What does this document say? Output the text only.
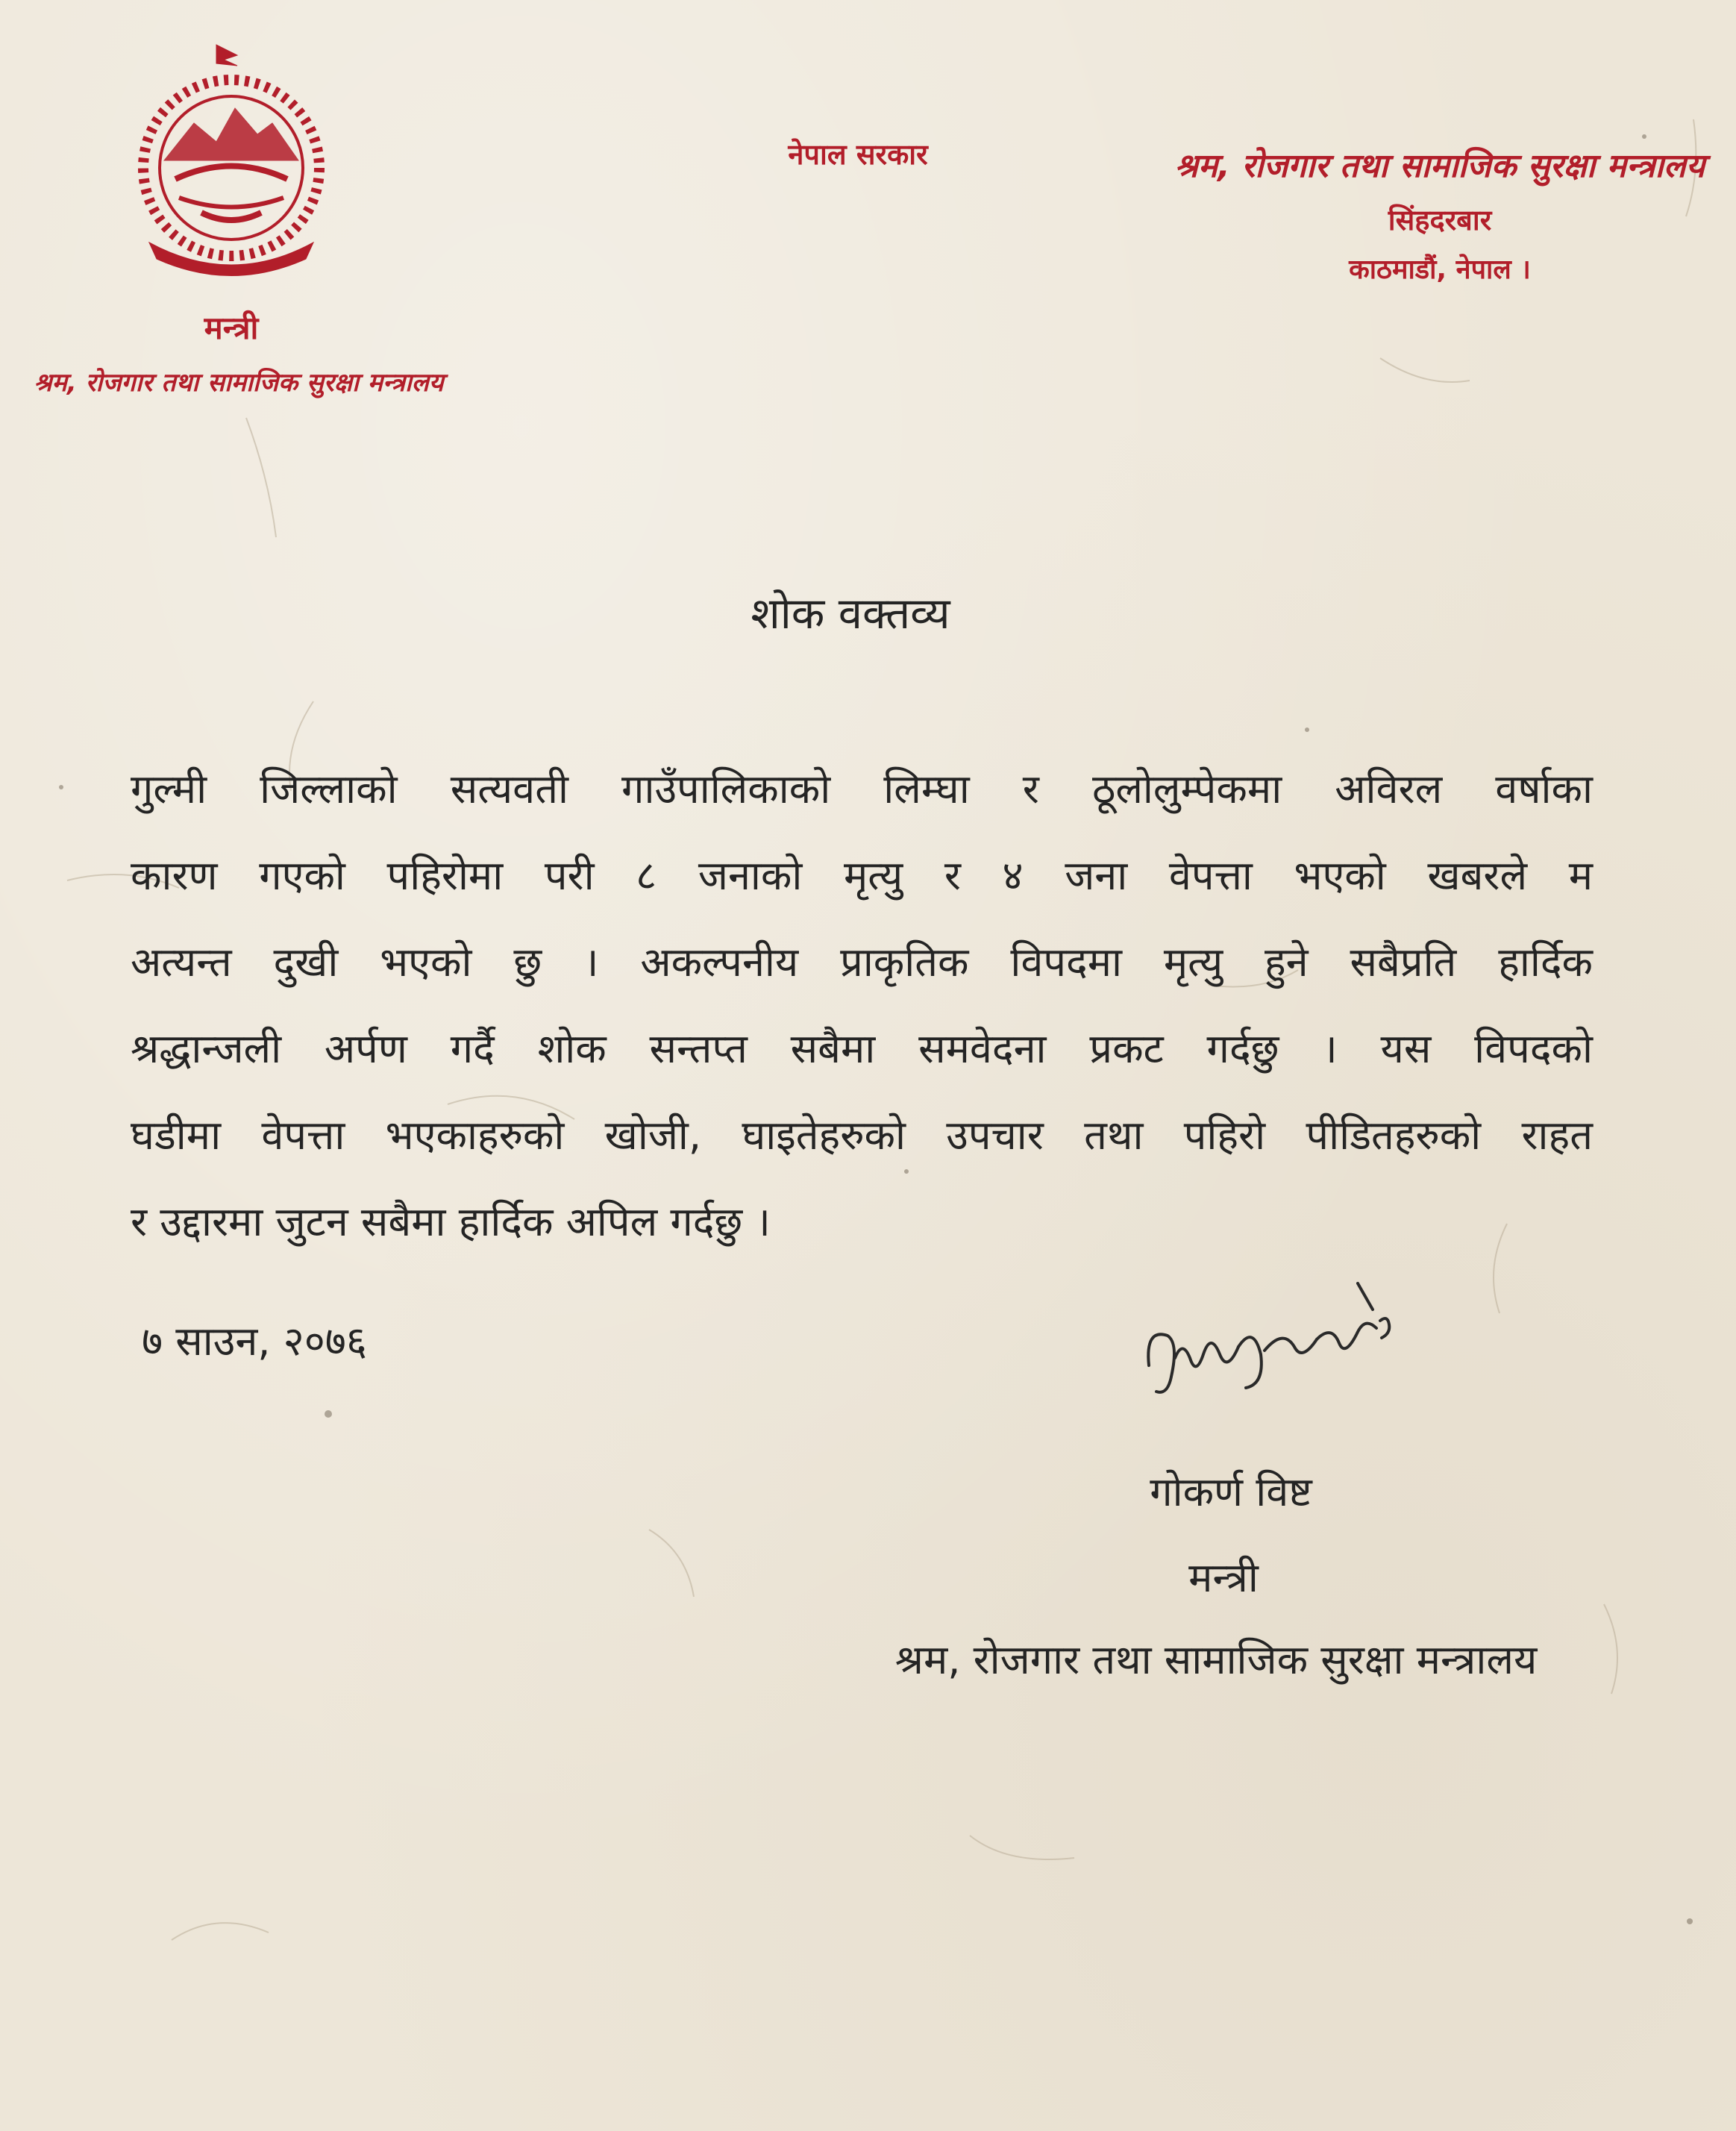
मन्त्री
श्रम, रोजगार तथा सामाजिक सुरक्षा मन्त्रालय
नेपाल सरकार	श्रम, रोजगार तथा सामाजिक सुरक्षा मन्त्रालय
सिंहदरबार
काठमाडौं, नेपाल ।
शोक वक्तव्य
गुल्मी जिल्लाको सत्यवती गाउँपालिकाको लिम्घा र ठूलोलुम्पेकमा अविरल वर्षाका
कारण गएको पहिरोमा परी ८ जनाको मृत्यु र ४ जना वेपत्ता भएको खबरले म
अत्यन्त दुखी भएको छु । अकल्पनीय प्राकृतिक विपदमा मृत्यु हुने सबैप्रति हार्दिक
श्रद्धान्जली अर्पण गर्दै शोक सन्तप्त सबैमा समवेदना प्रकट गर्दछु । यस विपदको
घडीमा वेपत्ता भएकाहरुको खोजी, घाइतेहरुको उपचार तथा पहिरो पीडितहरुको राहत
र उद्दारमा जुटन सबैमा हार्दिक अपिल गर्दछु ।
७ साउन, २०७६
गोकर्ण विष्ट
मन्त्री
श्रम, रोजगार तथा सामाजिक सुरक्षा मन्त्रालय
